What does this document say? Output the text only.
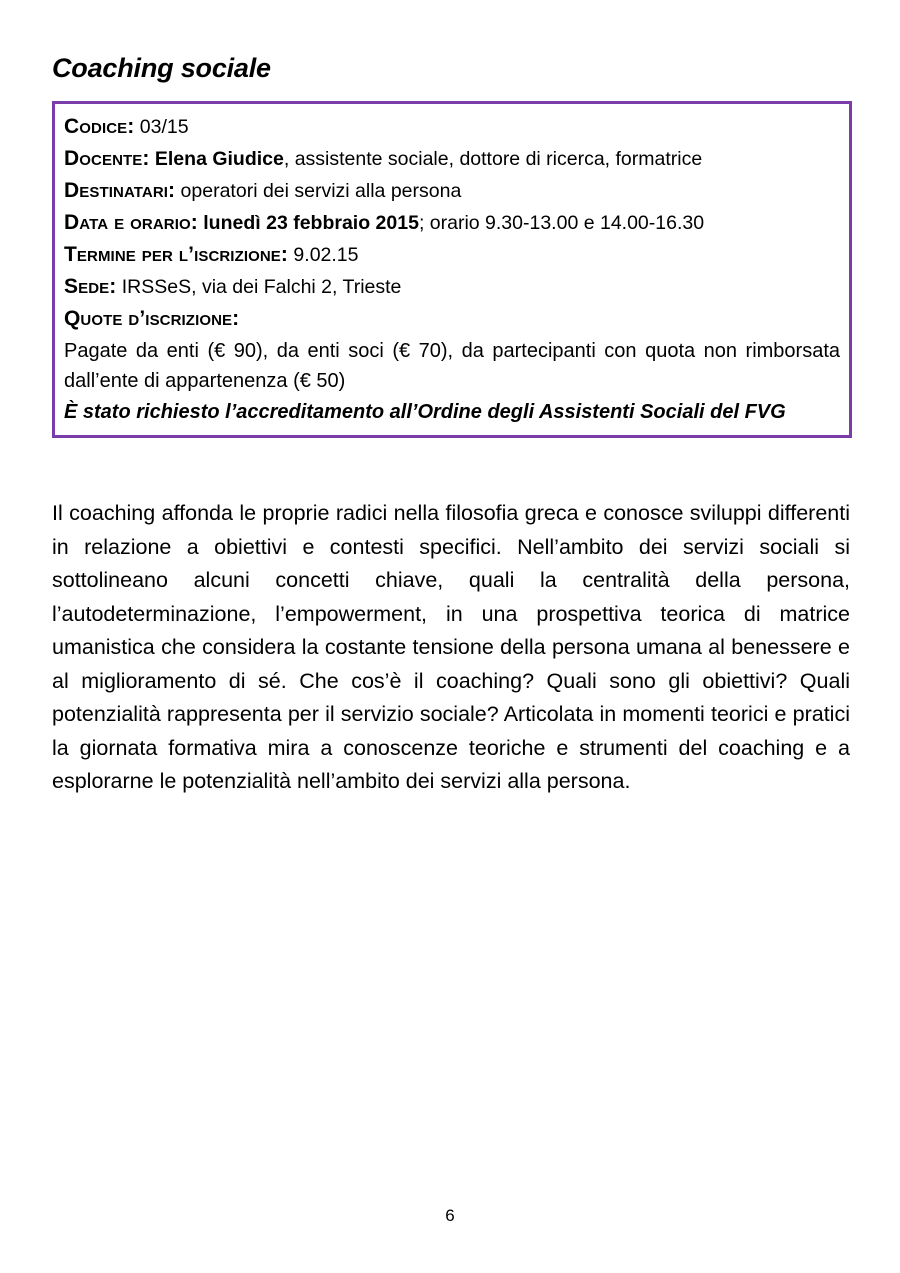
Coaching sociale
Codice: 03/15
Docente: Elena Giudice, assistente sociale, dottore di ricerca, formatrice
Destinatari: operatori dei servizi alla persona
Data e orario: lunedì 23 febbraio 2015; orario 9.30-13.00 e 14.00-16.30
Termine per l’iscrizione: 9.02.15
Sede: IRSSeS, via dei Falchi 2, Trieste
Quote d’iscrizione:
Pagate da enti (€ 90), da enti soci (€ 70), da partecipanti con quota non rimborsata dall’ente di appartenenza (€ 50)
È stato richiesto l’accreditamento all’Ordine degli Assistenti Sociali del FVG
Il coaching affonda le proprie radici nella filosofia greca e conosce sviluppi differenti in relazione a obiettivi e contesti specifici. Nell’ambito dei servizi sociali si sottolineano alcuni concetti chiave, quali la centralità della persona, l’autodeterminazione, l’empowerment, in una prospettiva teorica di matrice umanistica che considera la costante tensione della persona umana al benessere e al miglioramento di sé. Che cos’è il coaching? Quali sono gli obiettivi? Quali potenzialità rappresenta per il servizio sociale? Articolata in momenti teorici e pratici la giornata formativa mira a conoscenze teoriche e strumenti del coaching e a esplorarne le potenzialità nell’ambito dei servizi alla persona.
6
